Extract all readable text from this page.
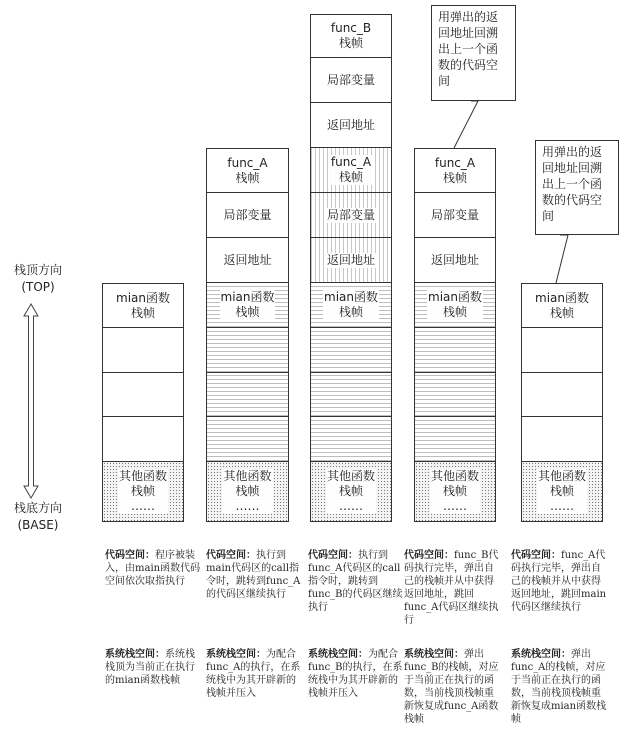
栈顶方向
(TOP)
栈底方向
(BASE)
mian函数
栈帧
其他函数
栈帧
……
func_A
栈帧
局部变量
返回地址
mian函数
栈帧
其他函数
栈帧
……
func_B
栈帧
局部变量
返回地址
func_A
栈帧
局部变量
返回地址
mian函数
栈帧
其他函数
栈帧
……
func_A
栈帧
局部变量
返回地址
mian函数
栈帧
其他函数
栈帧
……
mian函数
栈帧
其他函数
栈帧
……
用弹出的返
回地址回溯
出上一个函
数的代码空
间
用弹出的返
回地址回溯
出上一个函
数的代码空
间
代码空间：程序被装入，由main函数代码空间依次取指执行
系统栈空间：系统栈栈顶为当前正在执行的mian函数栈帧
代码空间：执行到main代码区的call指令时，跳转到func_A的代码区继续执行
系统栈空间：为配合func_A的执行，在系统栈中为其开辟新的栈帧并压入
代码空间：执行到func_A代码区的call指令时，跳转到func_B的代码区继续执行
系统栈空间：为配合func_B的执行，在系统栈中为其开辟新的栈帧并压入
代码空间：func_B代码执行完毕，弹出自己的栈帧并从中获得返回地址，跳回func_A代码区继续执行
系统栈空间：弹出func_B的栈帧，对应于当前正在执行的函数，当前栈顶栈帧重新恢复成func_A函数栈帧
代码空间：func_A代码执行完毕，弹出自己的栈帧并从中获得返回地址，跳回main代码区继续执行
系统栈空间：弹出func_A的栈帧，对应于当前正在执行的函数，当前栈顶栈帧重新恢复成mian函数栈帧
